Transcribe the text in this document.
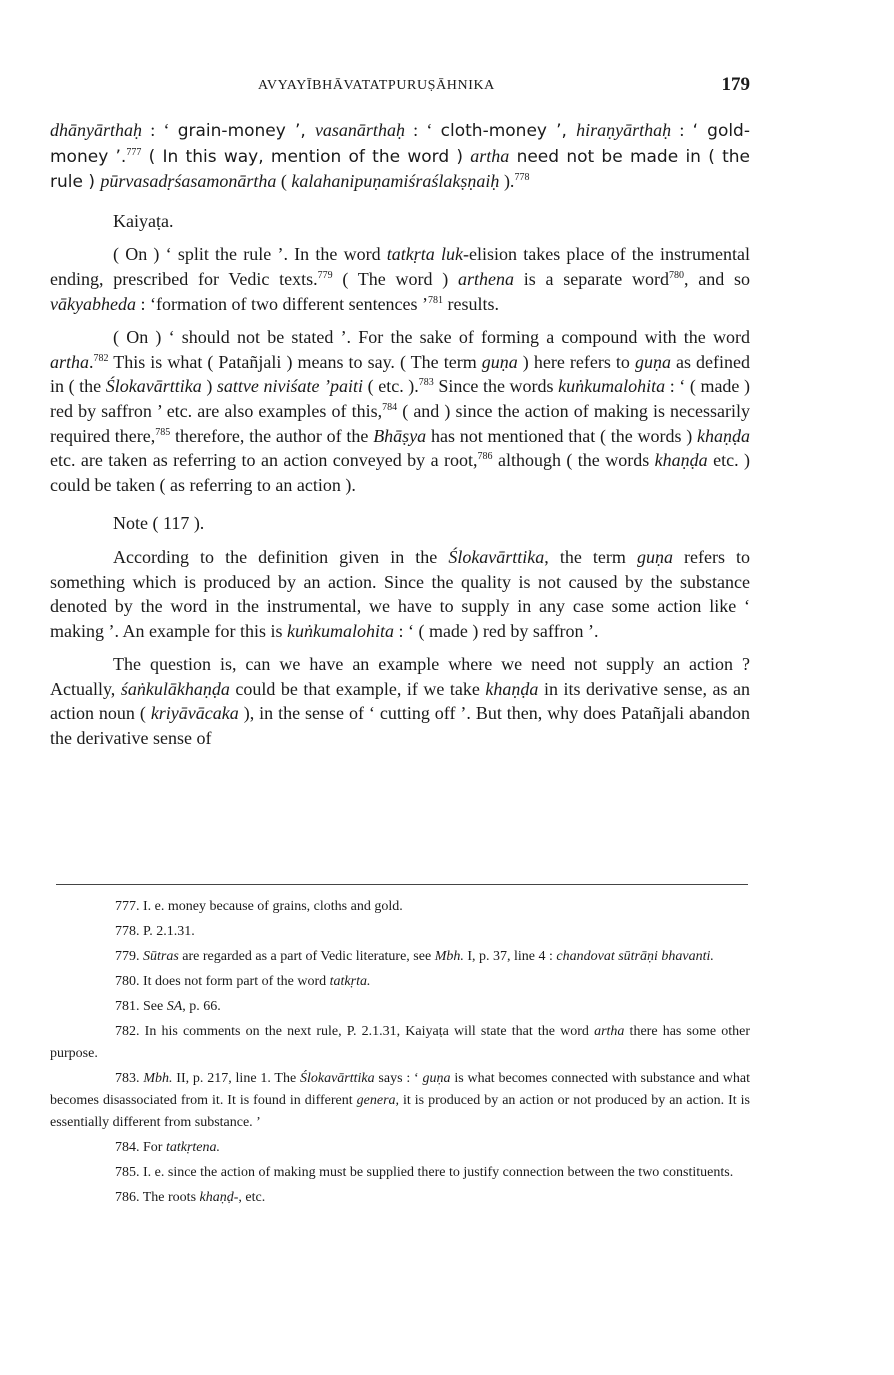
AVYAYĪBHĀVATATPURUṢĀHNIKA	179

dhānyārthaḥ : ‘ grain-money ’, vasanārthaḥ : ‘ cloth-money ’, hiraṇyārthaḥ : ‘ gold-money ’.$^{777}$ ( In this way, mention of the word ) artha need not be made in ( the rule ) pūrvasadṛśasamonārtha ( kalahanipuṇamiśraślakṣṇaiḥ ).$^{778}$

Kaiyaṭa.

( On ) ‘ split the rule ’. In the word tatkṛta luk-elision takes place of the instrumental ending, prescribed for Vedic texts.$^{779}$ ( The word ) arthena is a separate word$^{780}$, and so vākyabheda : ‘formation of two different sentences ’$^{781}$ results.

( On ) ‘ should not be stated ’. For the sake of forming a compound with the word artha.$^{782}$ This is what ( Patañjali ) means to say. ( The term guṇa ) here refers to guṇa as defined in ( the Ślokavārttika ) sattve niviśate ’paiti ( etc. ).$^{783}$ Since the words kuṅkumalohita : ‘ ( made ) red by saffron ’ etc. are also examples of this,$^{784}$ ( and ) since the action of making is necessarily required there,$^{785}$ therefore, the author of the Bhāṣya has not mentioned that ( the words ) khaṇḍa etc. are taken as referring to an action conveyed by a root,$^{786}$ although ( the words khaṇḍa etc. ) could be taken ( as referring to an action ).

Note ( 117 ).

According to the definition given in the Ślokavārttika, the term guṇa refers to something which is produced by an action. Since the quality is not caused by the substance denoted by the word in the instrumental, we have to supply in any case some action like ‘ making ’. An example for this is kuṅkumalohita : ‘ ( made ) red by saffron ’.

The question is, can we have an example where we need not supply an action ? Actually, śaṅkulākhaṇḍa could be that example, if we take khaṇḍa in its derivative sense, as an action noun ( kriyāvācaka ), in the sense of ‘ cutting off ’. But then, why does Patañjali abandon the derivative sense of

777. I. e. money because of grains, cloths and gold.

778. P. 2.1.31.

779. Sūtras are regarded as a part of Vedic literature, see Mbh. I, p. 37, line 4 : chandovat sūtrāṇi bhavanti.

780. It does not form part of the word tatkṛta.

781. See SA, p. 66.

782. In his comments on the next rule, P. 2.1.31, Kaiyaṭa will state that the word artha there has some other purpose.

783. Mbh. II, p. 217, line 1. The Ślokavārttika says : ‘ guṇa is what becomes connected with substance and what becomes disassociated from it. It is found in different genera, it is produced by an action or not produced by an action. It is essentially different from substance. ’

784. For tatkṛtena.

785. I. e. since the action of making must be supplied there to justify connection between the two constituents.

786. The roots khaṇḍ-, etc.
